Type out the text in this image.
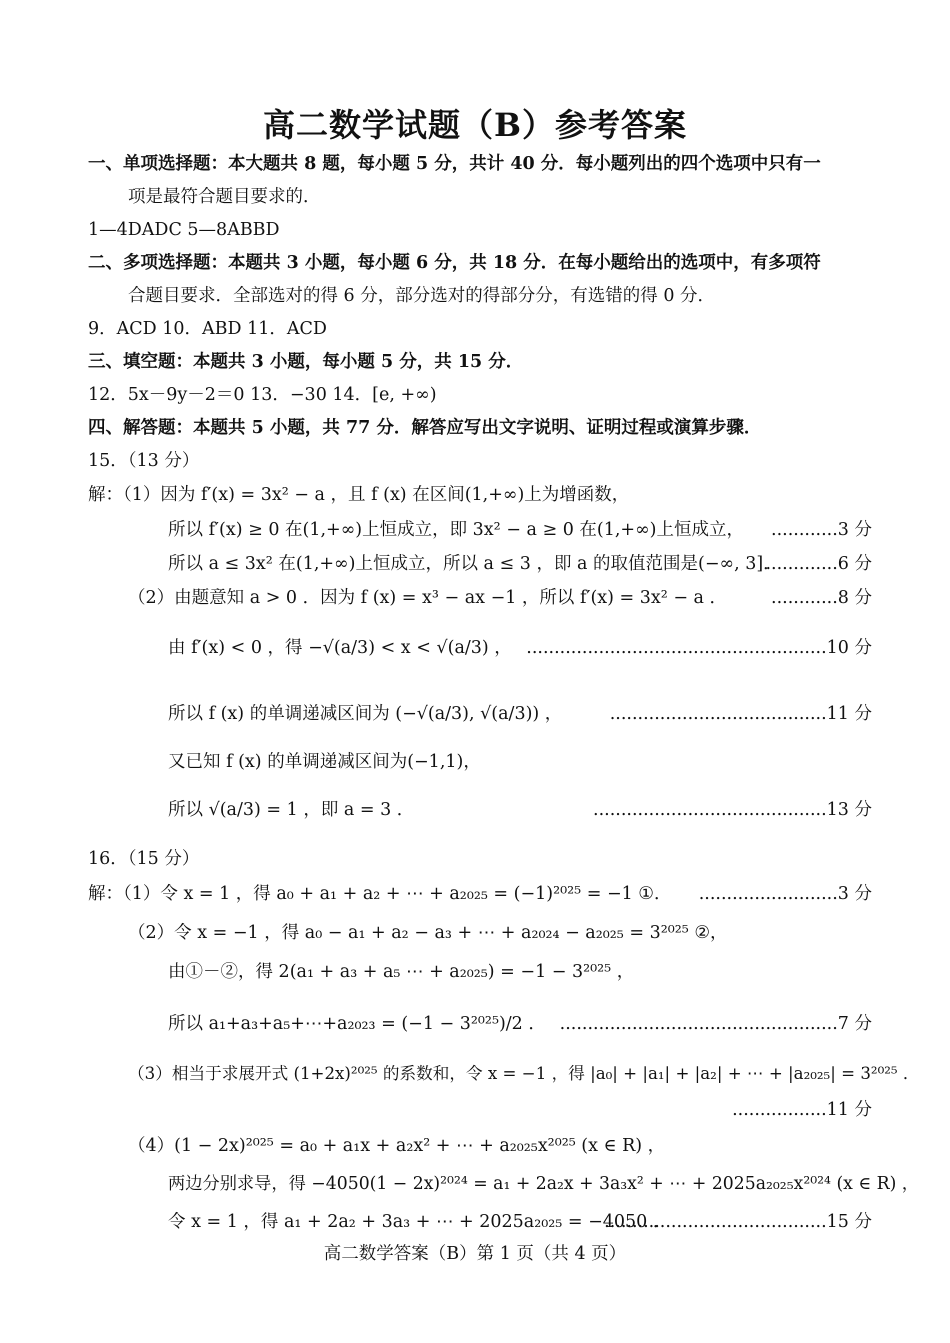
高二数学试题（B）参考答案
一、单项选择题：本大题共 8 题，每小题 5 分，共计 40 分．每小题列出的四个选项中只有一
项是最符合题目要求的．
1—4DADC 5—8ABBD
二、多项选择题：本题共 3 小题，每小题 6 分，共 18 分．在每小题给出的选项中，有多项符
合题目要求．全部选对的得 6 分，部分选对的得部分分，有选错的得 0 分．
9．ACD 10．ABD 11．ACD
三、填空题：本题共 3 小题，每小题 5 分，共 15 分．
12．5x－9y－2＝0 13．−30 14．[e, +∞)
四、解答题：本题共 5 小题，共 77 分．解答应写出文字说明、证明过程或演算步骤．
15．（13 分）
解：（1）因为 f′(x) = 3x² − a ，且 f (x) 在区间(1,+∞)上为增函数，
所以 f′(x) ≥ 0 在(1,+∞)上恒成立，即 3x² − a ≥ 0 在(1,+∞)上恒成立， ............3 分
所以 a ≤ 3x² 在(1,+∞)上恒成立，所以 a ≤ 3 ，即 a 的取值范围是(−∞, 3]．
.............6 分
（2）由题意知 a > 0 ．因为 f (x) = x³ − ax −1 ，所以 f′(x) = 3x² − a ．	............8 分
由 f′(x) < 0 ，得 −√(a/3) < x < √(a/3) ， ......................................................10 分
所以 f (x) 的单调递减区间为 (−√(a/3), √(a/3)) ，	.......................................11 分
又已知 f (x) 的单调递减区间为(−1,1)，
所以 √(a/3) = 1 ，即 a = 3 ．	..........................................13 分
16．（15 分）
解：（1）令 x = 1 ，得 a₀ + a₁ + a₂ + ⋯ + a₂₀₂₅ = (−1)²⁰²⁵ = −1 ①． .........................3 分
（2）令 x = −1 ，得 a₀ − a₁ + a₂ − a₃ + ⋯ + a₂₀₂₄ − a₂₀₂₅ = 3²⁰²⁵ ②，
由①－②，得 2(a₁ + a₃ + a₅ ⋯ + a₂₀₂₅) = −1 − 3²⁰²⁵ ，
所以 a₁+a₃+a₅+⋯+a₂₀₂₃ = (−1 − 3²⁰²⁵)/2 ． ..................................................7 分
（3）相当于求展开式 (1+2x)²⁰²⁵ 的系数和，令 x = −1 ，得 |a₀| + |a₁| + |a₂| + ⋯ + |a₂₀₂₅| = 3²⁰²⁵ ．
.................11 分
（4）(1 − 2x)²⁰²⁵ = a₀ + a₁x + a₂x² + ⋯ + a₂₀₂₅x²⁰²⁵ (x ∈ R) ，
两边分别求导，得 −4050(1 − 2x)²⁰²⁴ = a₁ + 2a₂x + 3a₃x² + ⋯ + 2025a₂₀₂₅x²⁰²⁴ (x ∈ R) ，
令 x = 1 ，得 a₁ + 2a₂ + 3a₃ + ⋯ + 2025a₂₀₂₅ = −4050 ．
........................................15 分
高二数学答案（B）第 1 页（共 4 页）
